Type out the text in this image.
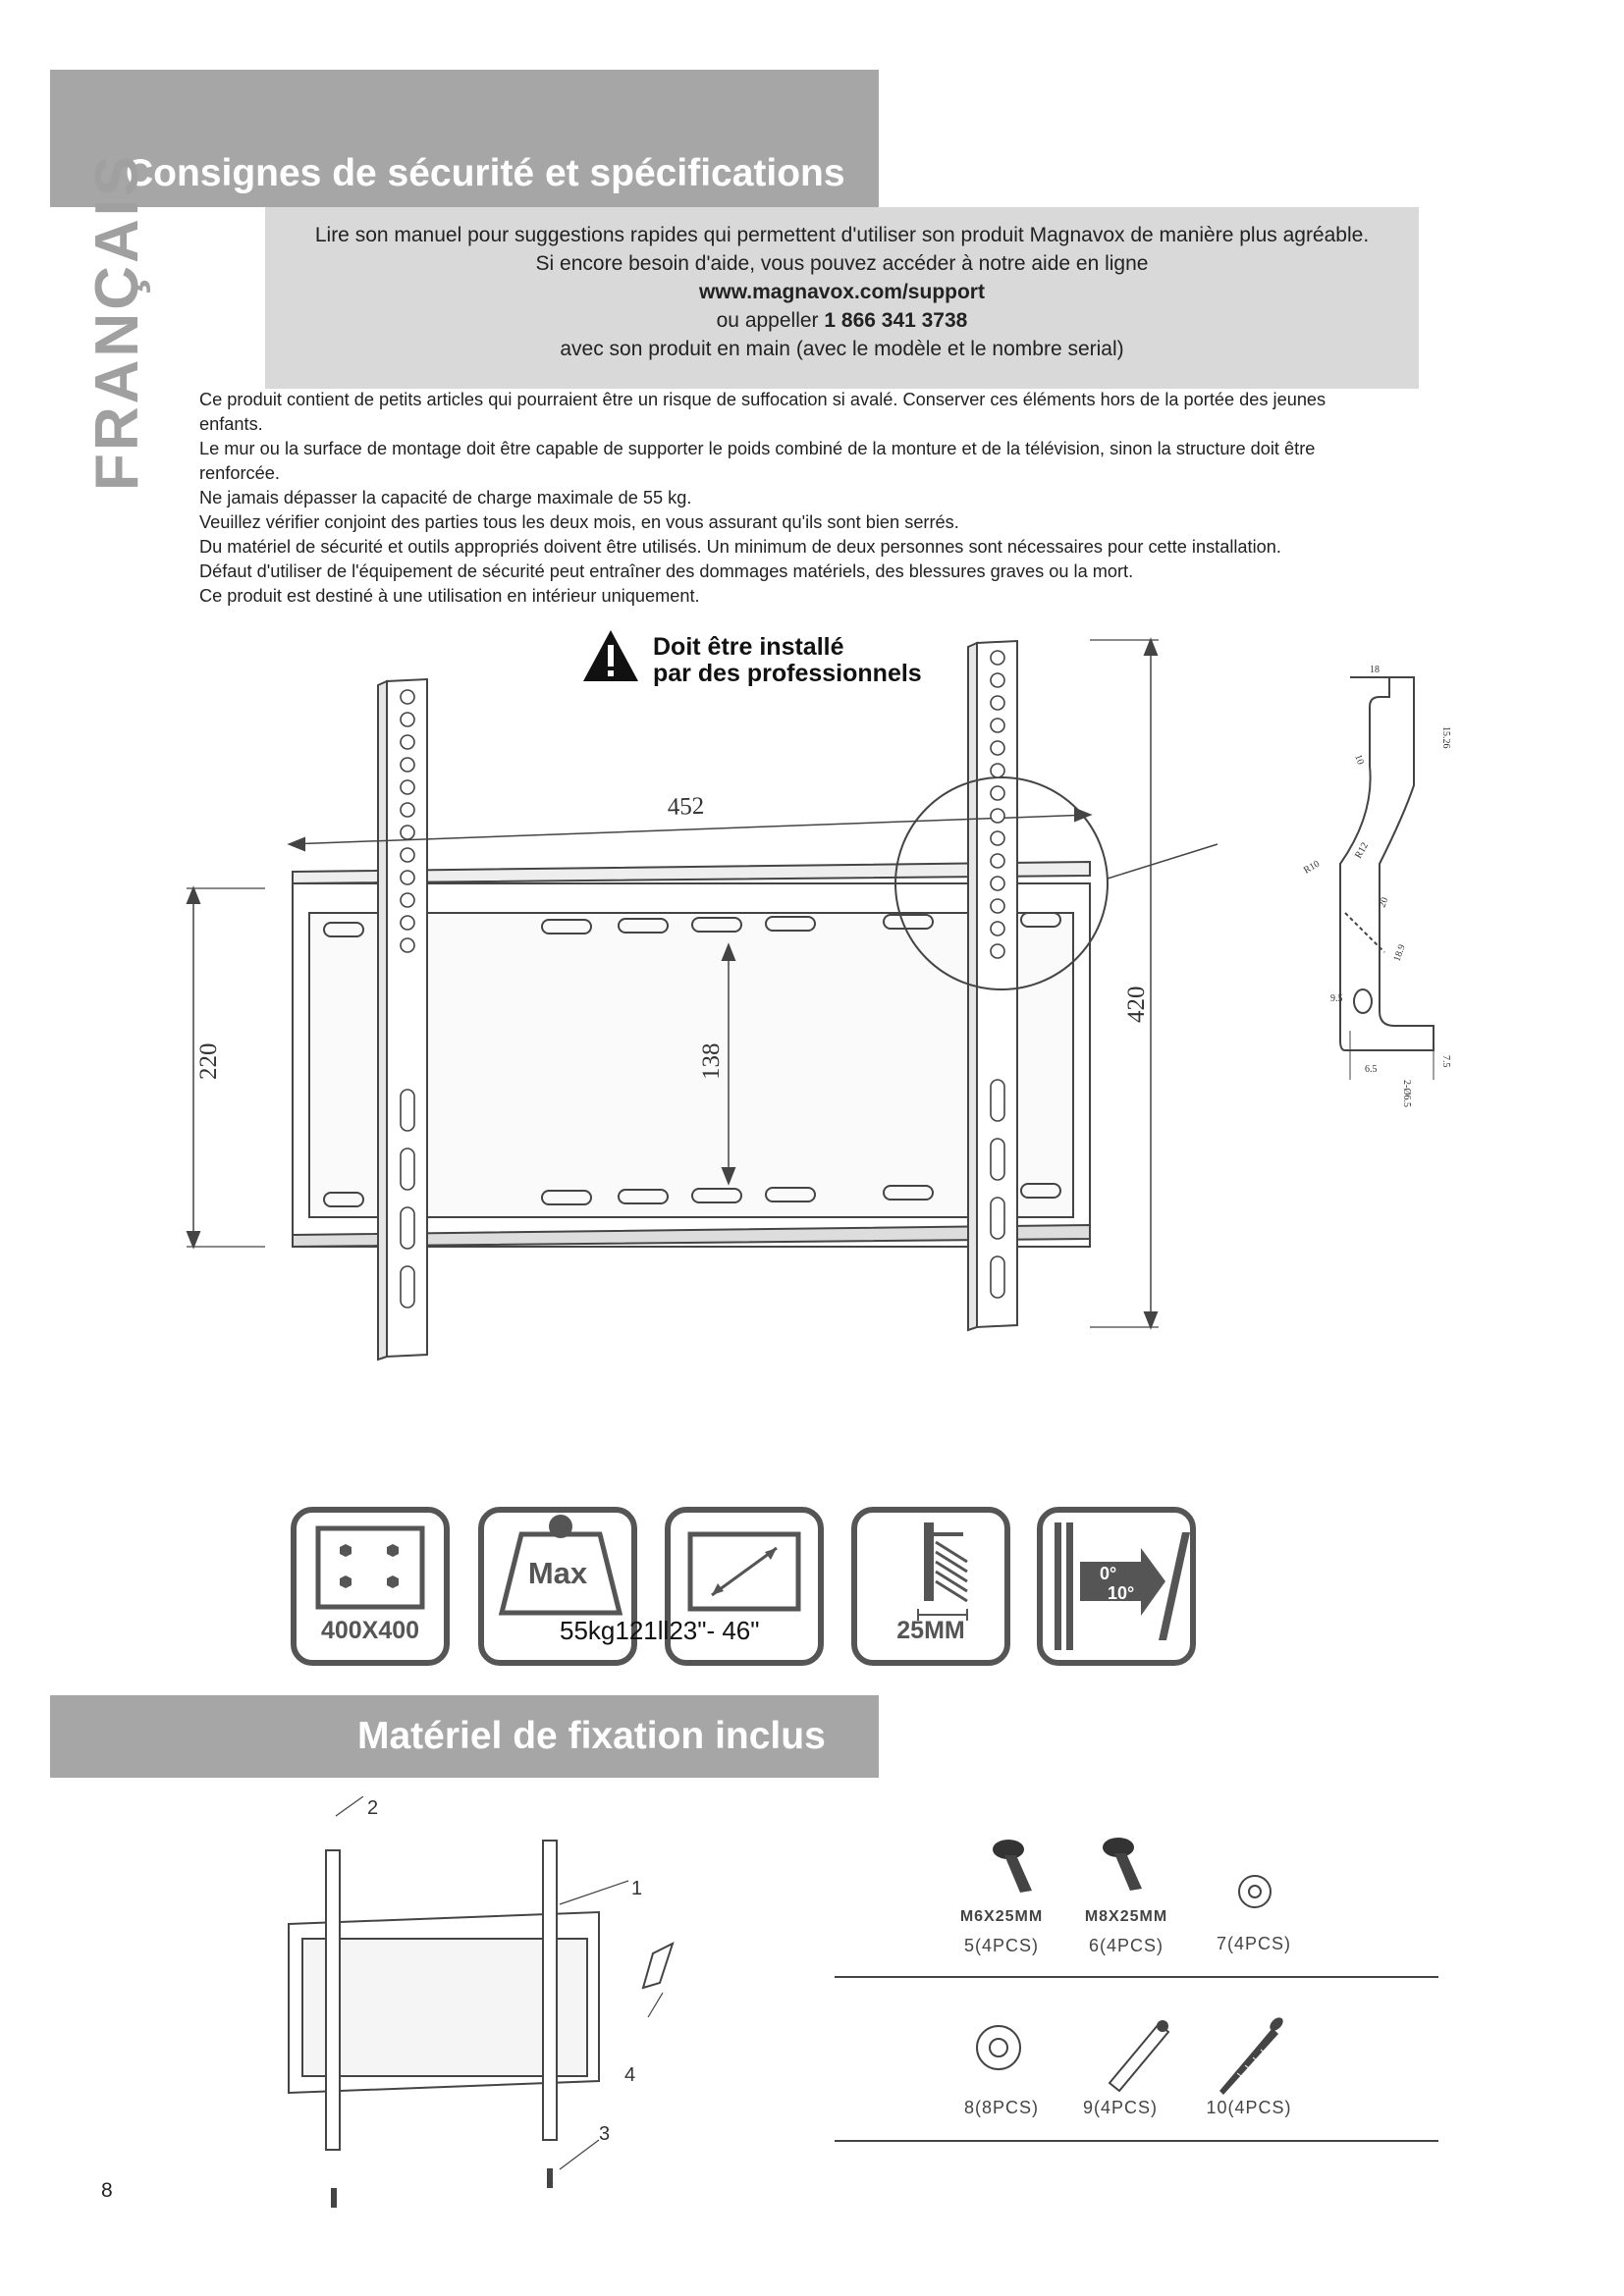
Consignes de sécurité et spécifications
FRANÇAIS	Lire son manuel pour suggestions rapides qui permettent d'utiliser son produit Magnavox de manière plus agréable.
Si encore besoin d'aide, vous pouvez accéder à notre aide en ligne
www.magnavox.com/support
ou appeller 1 866 341 3738
avec son produit en main (avec le modèle et le nombre serial)

Ce produit contient de petits articles qui pourraient être un risque de suffocation si avalé. Conserver ces éléments hors de la portée des jeunes

enfants.

Le mur ou la surface de montage doit être capable de supporter le poids combiné de la monture et de la télévision, sinon la structure doit être

renforcée.

Ne jamais dépasser la capacité de charge maximale de 55 kg.

Veuillez vérifier conjoint des parties tous les deux mois, en vous assurant qu'ils sont bien serrés.

Du matériel de sécurité et outils appropriés doivent être utilisés. Un minimum de deux personnes sont nécessaires pour cette installation.

Défaut d'utiliser de l'équipement de sécurité peut entraîner des dommages matériels, des blessures graves ou la mort.

Ce produit est destiné à une utilisation en intérieur uniquement.

Doit être installé
par des professionnels
452
220	138
420
18
15.26
10
R10
R12
9.5
6.5
7.5
2-Ø6.5
20
18.9
400X400
Max
25MM
0°
10°
55kg121ll23"- 46"
Matériel de fixation inclus
2
1
3
4
M6X25MM	M8X25MM
5(4PCS)	6(4PCS)	7(4PCS)
8(8PCS)	9(4PCS)	10(4PCS)
8
